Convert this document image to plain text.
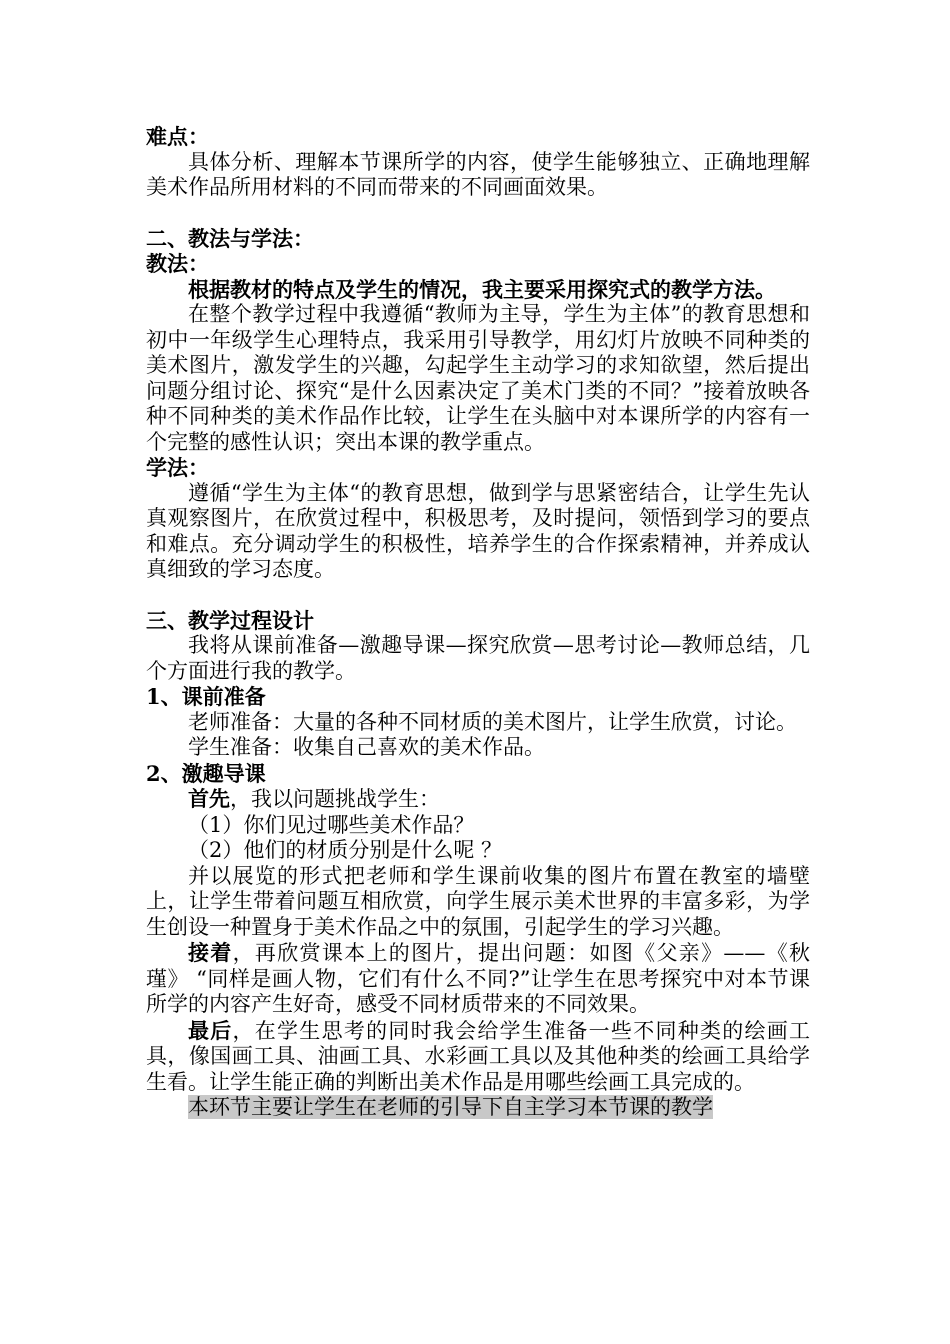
难点：

具体分析、理解本节课所学的内容，使学生能够独立、正确地理解美术作品所用材料的不同而带来的不同画面效果。

二、教法与学法：

教法：

根据教材的特点及学生的情况，我主要采用探究式的教学方法。

在整个教学过程中我遵循“教师为主导，学生为主体”的教育思想和初中一年级学生心理特点，我采用引导教学，用幻灯片放映不同种类的美术图片，激发学生的兴趣，勾起学生主动学习的求知欲望，然后提出问题分组讨论、探究“是什么因素决定了美术门类的不同？”接着放映各种不同种类的美术作品作比较，让学生在头脑中对本课所学的内容有一个完整的感性认识；突出本课的教学重点。

学法：

遵循“学生为主体“的教育思想，做到学与思紧密结合，让学生先认真观察图片，在欣赏过程中，积极思考，及时提问，领悟到学习的要点和难点。充分调动学生的积极性，培养学生的合作探索精神，并养成认真细致的学习态度。

三、教学过程设计

我将从课前准备—激趣导课—探究欣赏—思考讨论—教师总结，几个方面进行我的教学。

1、课前准备

老师准备：大量的各种不同材质的美术图片，让学生欣赏，讨论。

学生准备：收集自己喜欢的美术作品。

2、激趣导课

首先，我以问题挑战学生：

（1）你们见过哪些美术作品？

（2）他们的材质分别是什么呢 ？

并以展览的形式把老师和学生课前收集的图片布置在教室的墙壁上，让学生带着问题互相欣赏，向学生展示美术世界的丰富多彩，为学生创设一种置身于美术作品之中的氛围，引起学生的学习兴趣。

接着，再欣赏课本上的图片，提出问题：如图《父亲》——《秋瑾》 “同样是画人物，它们有什么不同?”让学生在思考探究中对本节课所学的内容产生好奇，感受不同材质带来的不同效果。

最后，在学生思考的同时我会给学生准备一些不同种类的绘画工具，像国画工具、油画工具、水彩画工具以及其他种类的绘画工具给学生看。让学生能正确的判断出美术作品是用哪些绘画工具完成的。

本环节主要让学生在老师的引导下自主学习本节课的教学
